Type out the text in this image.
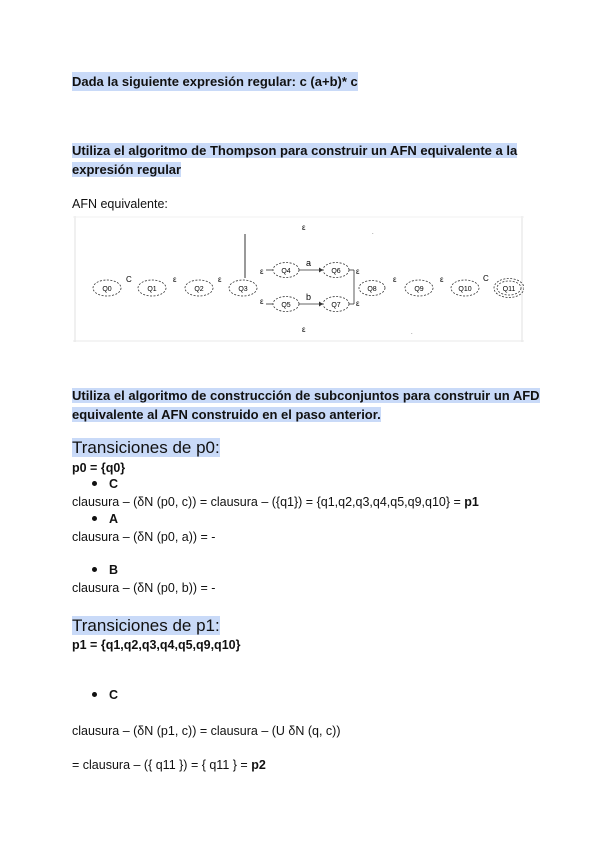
Dada la siguiente expresión regular: c (a+b)* c
Utiliza el algoritmo de Thompson para construir un AFN equivalente a la expresión regular
AFN equivalente:
ε
.
Q0
C
Q1
ε
Q2
ε
Q3
ε	Q4
a
Q6
ε	Q5
b
Q7
ε
ε
Q8
ε
Q9
ε
Q10
C
Q11
ε	.
Utiliza el algoritmo de construcción de subconjuntos para construir un AFD equivalente al AFN construido en el paso anterior.
Transiciones de p0:
p0 = {q0}
C
clausura – (δN (p0, c)) = clausura – ({q1}) = {q1,q2,q3,q4,q5,q9,q10} = p1
A
clausura – (δN (p0, a)) = -
B
clausura – (δN (p0, b)) = -
Transiciones de p1:
p1 = {q1,q2,q3,q4,q5,q9,q10}
C
clausura – (δN (p1, c)) = clausura – (U δN (q, c))
= clausura – ({ q11 }) = { q11 } = p2
